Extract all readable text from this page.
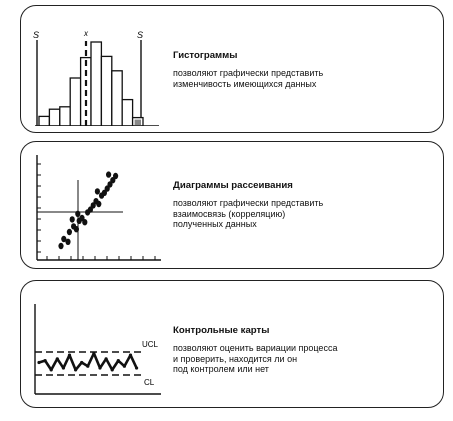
S	S
x
Гистограммы
позволяют графически представить
изменчивость имеющихся данных
Диаграммы рассеивания
позволяют графически представить
взаимосвязь (корреляцию)
полученных данных
UCL
CL
Контрольные карты
позволяют оценить вариации процесса
и проверить, находится ли он
под контролем или нет
